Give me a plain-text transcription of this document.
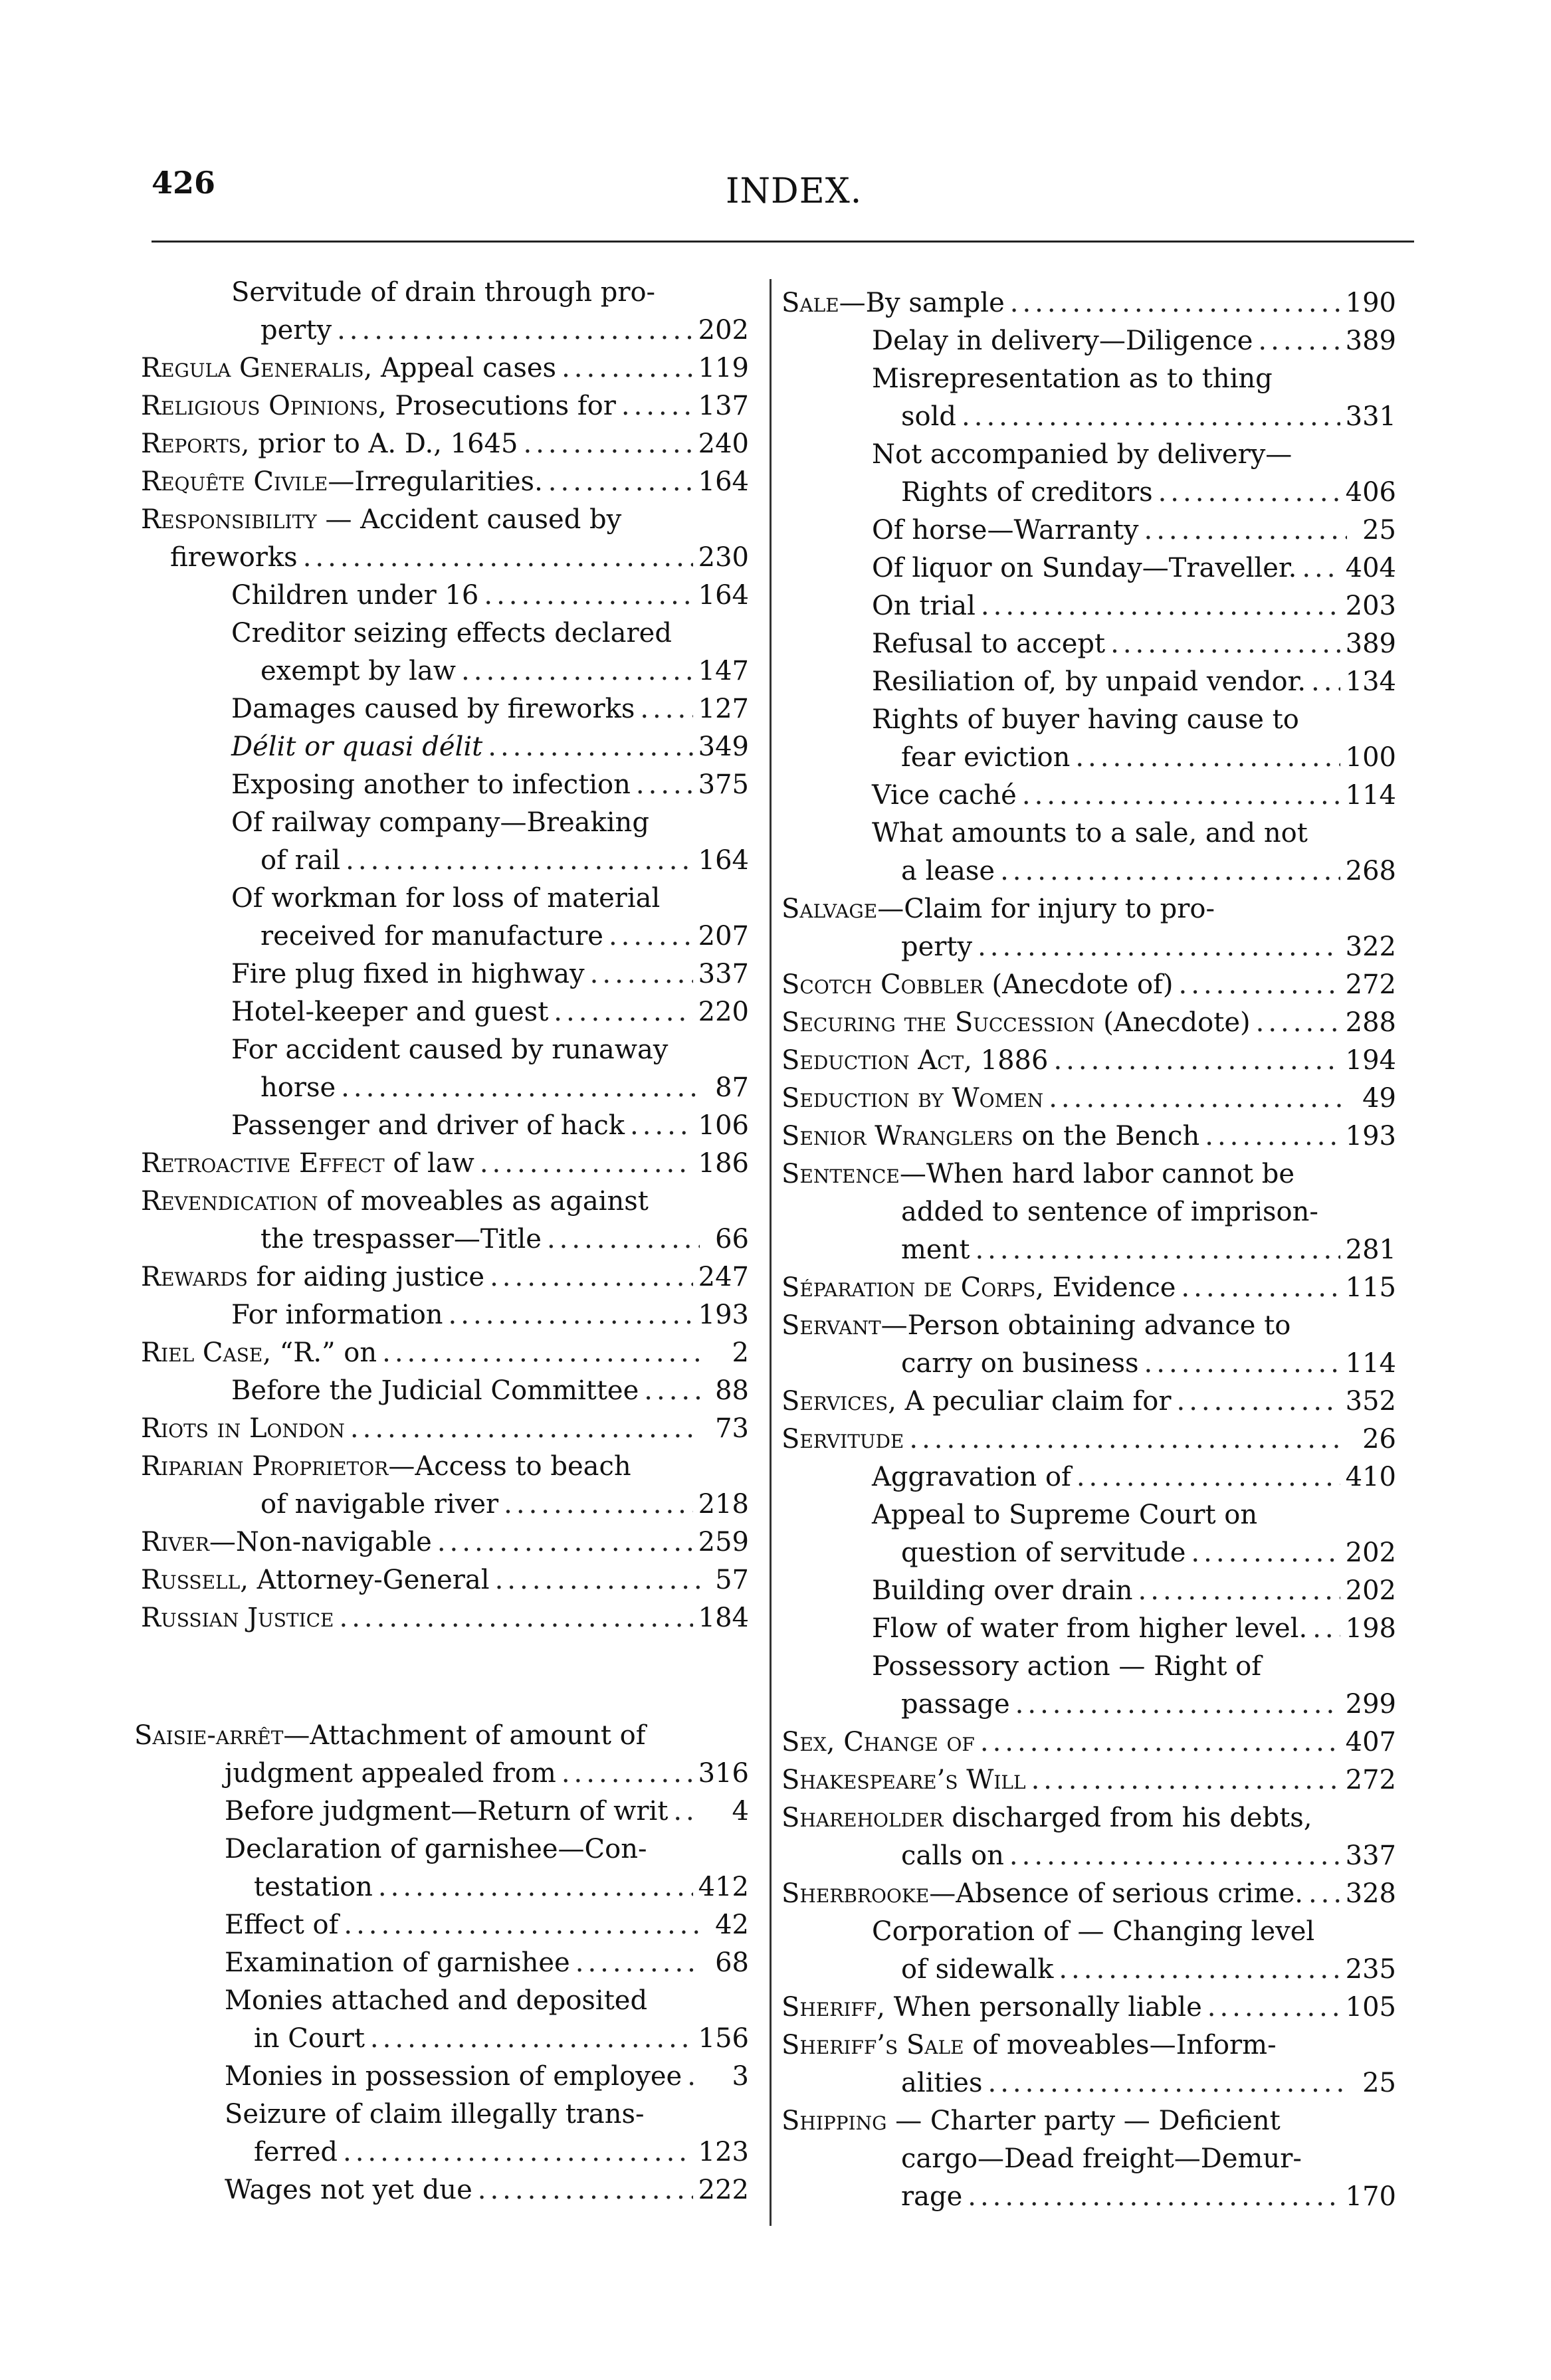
426	INDEX.
Servitude of drain through pro-
perty .....	202
Regula Generalis, Appeal cases .....	119
Religious Opinions, Prosecutions for .....	137
Reports, prior to A. D., 1645 .....	240
Requête Civile—Irregularities. .....	164
Responsibility — Accident caused by
fireworks .....	230
Children under 16 .....	164
Creditor seizing effects declared
exempt by law .....	147
Damages caused by fireworks ..... 127
Délit or quasi délit .....	349
Exposing another to infection .....	375
Of railway company—Breaking
of rail .....	164
Of workman for loss of material
received for manufacture .....	207
Fire plug fixed in highway .....	337
Hotel-keeper and guest .....	220
For accident caused by runaway
horse .....	87
Passenger and driver of hack .....	106
Retroactive Effect of law .....	186
Revendication of moveables as against
the trespasser—Title .....	66
Rewards for aiding justice .....	247
For information .....	193
Riel Case, “R.” on .....	2
Before the Judicial Committee .....	88
Riots in London .....	73
Riparian Proprietor—Access to beach
of navigable river .....	218
River—Non-navigable .....	259
Russell, Attorney-General .....	57
Russian Justice .....	184
Saisie-arrêt—Attachment of amount of
judgment appealed from .....	316
Before judgment—Return of writ .....	4
Declaration of garnishee—Con-
testation .....	412
Effect of .....	42
Examination of garnishee .....	68
Monies attached and deposited
in Court .....	156
Monies in possession of employee .....	3
Seizure of claim illegally trans-
ferred .....	123
Wages not yet due .....	222
Sale—By sample .....	190
Delay in delivery—Diligence .....	389
Misrepresentation as to thing
sold .....	331
Not accompanied by delivery—
Rights of creditors .....	406
Of horse—Warranty .....	25
Of liquor on Sunday—Traveller. ..... 404
On trial .....	203
Refusal to accept .....	389
Resiliation of, by unpaid vendor. ..... 134
Rights of buyer having cause to
fear eviction .....	100
Vice caché .....	114
What amounts to a sale, and not
a lease .....	268
Salvage—Claim for injury to pro-
perty .....	322
Scotch Cobbler (Anecdote of) .....	272
Securing the Succession (Anecdote) .....	288
Seduction Act, 1886 .....	194
Seduction by Women .....	49
Senior Wranglers on the Bench .....	193
Sentence—When hard labor cannot be
added to sentence of imprison-
ment .....	281
Séparation de Corps, Evidence .....	115
Servant—Person obtaining advance to
carry on business .....	114
Services, A peculiar claim for .....	352
Servitude .....	26
Aggravation of .....	410
Appeal to Supreme Court on
question of servitude .....	202
Building over drain .....	202
Flow of water from higher level. ..... 198
Possessory action — Right of
passage .....	299
Sex, Change of .....	407
Shakespeare’s Will .....	272
Shareholder discharged from his debts,
calls on .....	337
Sherbrooke—Absence of serious crime. ..... 328
Corporation of — Changing level
of sidewalk .....	235
Sheriff, When personally liable .....	105
Sheriff’s Sale of moveables—Inform-
alities .....	25
Shipping — Charter party — Deficient
cargo—Dead freight—Demur-
rage .....	170
